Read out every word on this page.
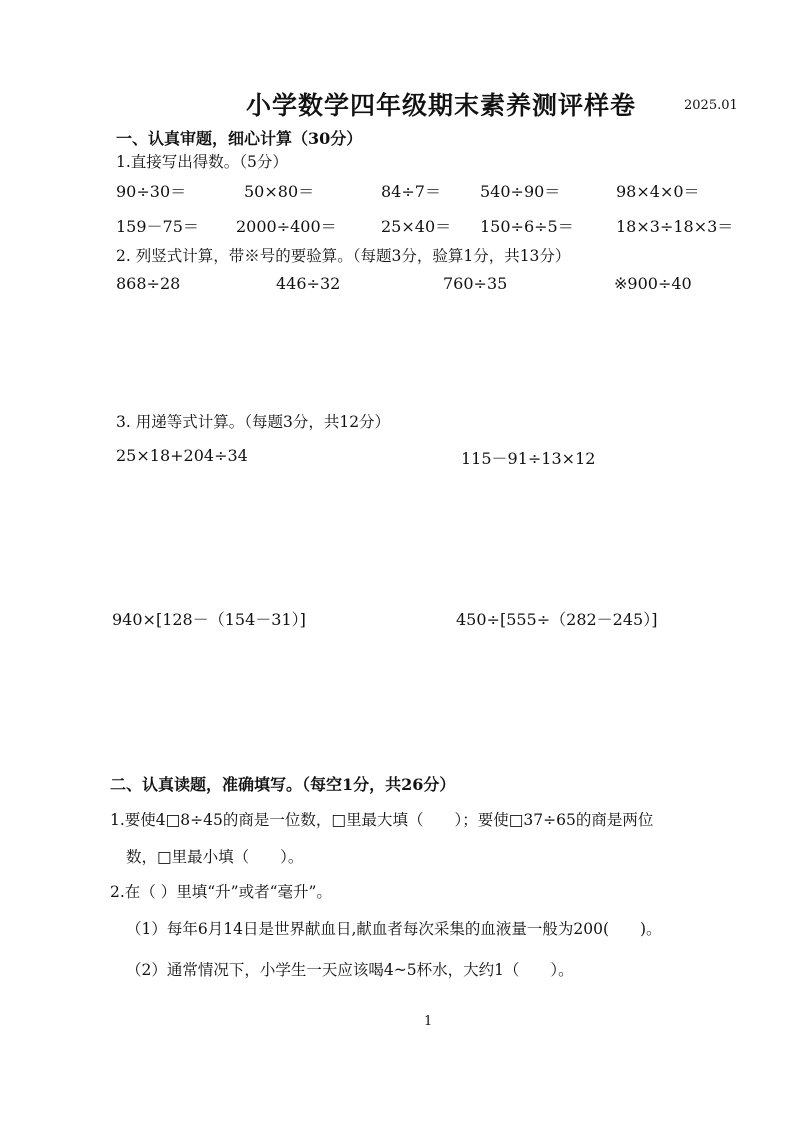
小学数学四年级期末素养测评样卷	2025.01
一、认真审题，细心计算（30分）
1.直接写出得数。（5分）
90÷30＝	50×80＝	84÷7＝ 540÷90＝	98×4×0＝
159－75＝ 2000÷400＝	25×40＝ 150÷6÷5＝	18×3÷18×3＝
2. 列竖式计算，带※号的要验算。（每题3分，验算1分，共13分）
868÷28	446÷32	760÷35	※900÷40
3. 用递等式计算。（每题3分，共12分）
25×18+204÷34	115－91÷13×12
940×[128－（154－31）]	450÷[555÷（282－245）]
二、认真读题，准确填写。（每空1分，共26分）
1.要使4□8÷45的商是一位数，□里最大填（　　）；要使□37÷65的商是两位
数，□里最小填（　　）。
2.在（ ）里填“升”或者“毫升”。
（1）每年6月14日是世界献血日,献血者每次采集的血液量一般为200(　　)。
（2）通常情况下，小学生一天应该喝4~5杯水，大约1（　　）。
1
